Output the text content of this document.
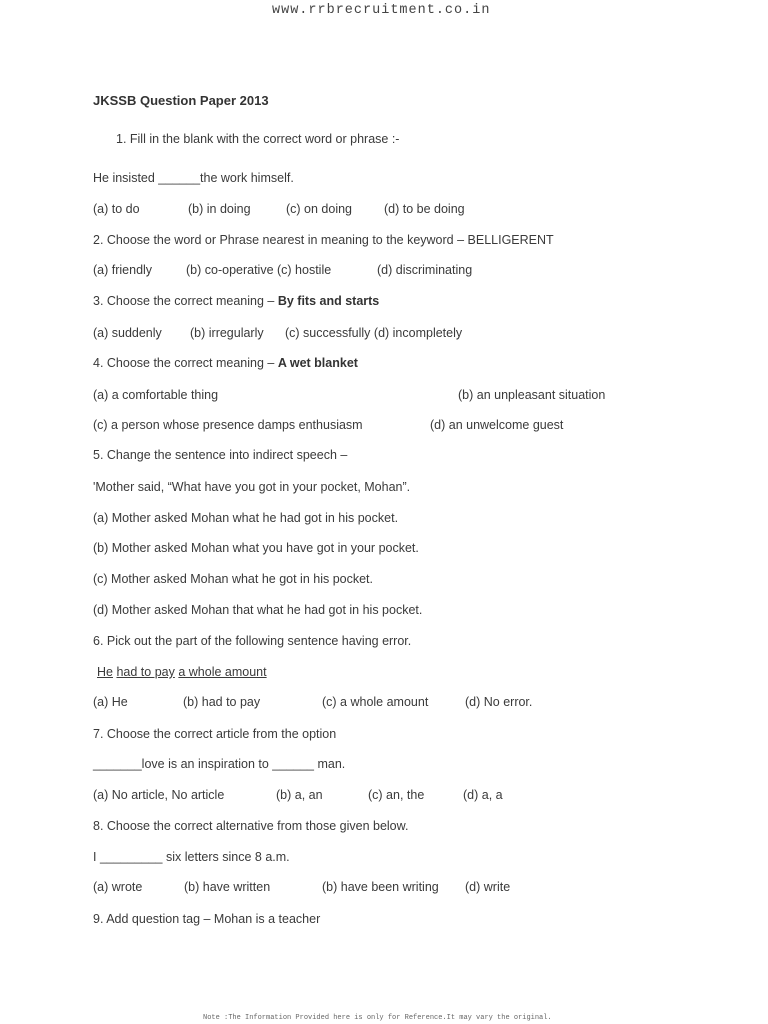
www.rrbrecruitment.co.in
JKSSB Question Paper 2013
1. Fill in the blank with the correct word or phrase :-
He insisted ______the work himself.
(a) to do	(b) in doing	(c) on doing	(d) to be doing
2. Choose the word or Phrase nearest in meaning to the keyword – BELLIGERENT
(a) friendly	(b) co-operative (c) hostile	(d) discriminating
3. Choose the correct meaning – By fits and starts
(a) suddenly (b) irregularly (c) successfully (d) incompletely
4. Choose the correct meaning – A wet blanket
(a) a comfortable thing	(b) an unpleasant situation
(c) a person whose presence damps enthusiasm	(d) an unwelcome guest
5. Change the sentence into indirect speech –
'Mother said, “What have you got in your pocket, Mohan”.
(a) Mother asked Mohan what he had got in his pocket.
(b) Mother asked Mohan what you have got in your pocket.
(c) Mother asked Mohan what he got in his pocket.
(d) Mother asked Mohan that what he had got in his pocket.
6. Pick out the part of the following sentence having error.
He had to pay a whole amount
(a) He	(b) had to pay	(c) a whole amount	(d) No error.
7. Choose the correct article from the option
_______love is an inspiration to ______ man.
(a) No article, No article	(b) a, an	(c) an, the	(d) a, a
8. Choose the correct alternative from those given below.
I _________ six letters since 8 a.m.
(a) wrote	(b) have written	(b) have been writing (d) write
9. Add question tag – Mohan is a teacher
Note :The Information Provided here is only for Reference.It may vary the original.
